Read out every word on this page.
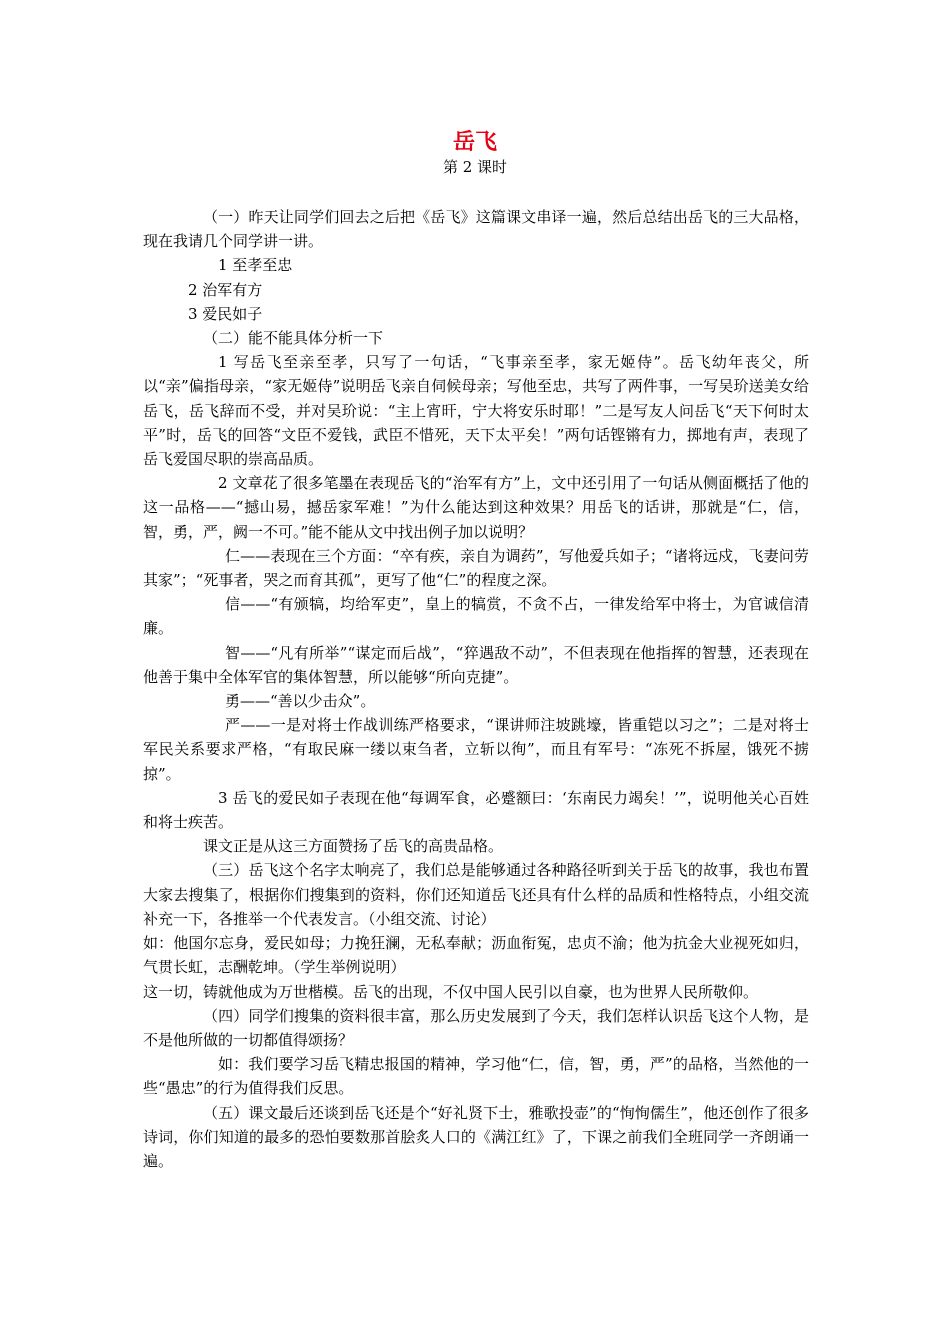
岳飞
第 2 课时

（一）昨天让同学们回去之后把《岳飞》这篇课文串译一遍，然后总结出岳飞的三大品格，现在我请几个同学讲一讲。

1 至孝至忠

2 治军有方

3 爱民如子

（二）能不能具体分析一下

1 写岳飞至亲至孝，只写了一句话，“飞事亲至孝，家无姬侍”。岳飞幼年丧父，所以“亲”偏指母亲，“家无姬侍”说明岳飞亲自伺候母亲；写他至忠，共写了两件事，一写吴玠送美女给岳飞，岳飞辞而不受，并对吴玠说：“主上宵旰，宁大将安乐时耶！”二是写友人问岳飞“天下何时太平”时，岳飞的回答“文臣不爱钱，武臣不惜死，天下太平矣！”两句话铿锵有力，掷地有声，表现了岳飞爱国尽职的崇高品质。

2 文章花了很多笔墨在表现岳飞的“治军有方”上，文中还引用了一句话从侧面概括了他的这一品格——“撼山易，撼岳家军难！”为什么能达到这种效果？用岳飞的话讲，那就是“仁，信，智，勇，严，阙一不可。”能不能从文中找出例子加以说明？

仁——表现在三个方面：“卒有疾，亲自为调药”，写他爱兵如子；“诸将远戍，飞妻问劳其家”；“死事者，哭之而育其孤”，更写了他“仁”的程度之深。

信——“有颁犒，均给军吏”，皇上的犒赏，不贪不占，一律发给军中将士，为官诚信清廉。

智——“凡有所举”“谋定而后战”，“猝遇敌不动”，不但表现在他指挥的智慧，还表现在他善于集中全体军官的集体智慧，所以能够“所向克捷”。

勇——“善以少击众”。

严——一是对将士作战训练严格要求，“课讲师注坡跳壕，皆重铠以习之”；二是对将士军民关系要求严格，“有取民麻一缕以束刍者，立斩以徇”，而且有军号：“冻死不拆屋，饿死不掳掠”。

3 岳飞的爱民如子表现在他“每调军食，必蹙额曰：‘东南民力竭矣！’”，说明他关心百姓和将士疾苦。

课文正是从这三方面赞扬了岳飞的高贵品格。

（三）岳飞这个名字太响亮了，我们总是能够通过各种路径听到关于岳飞的故事，我也布置大家去搜集了，根据你们搜集到的资料，你们还知道岳飞还具有什么样的品质和性格特点，小组交流补充一下，各推举一个代表发言。（小组交流、讨论）

如：他国尔忘身，爱民如母；力挽狂澜，无私奉献；沥血衔冤，忠贞不渝；他为抗金大业视死如归，气贯长虹，志酬乾坤。（学生举例说明）

这一切，铸就他成为万世楷模。岳飞的出现，不仅中国人民引以自豪，也为世界人民所敬仰。

（四）同学们搜集的资料很丰富，那么历史发展到了今天，我们怎样认识岳飞这个人物，是不是他所做的一切都值得颂扬？

如：我们要学习岳飞精忠报国的精神，学习他“仁，信，智，勇，严”的品格，当然他的一些“愚忠”的行为值得我们反思。

（五）课文最后还谈到岳飞还是个“好礼贤下士，雅歌投壶”的“恂恂儒生”，他还创作了很多诗词，你们知道的最多的恐怕要数那首脍炙人口的《满江红》了，下课之前我们全班同学一齐朗诵一遍。
